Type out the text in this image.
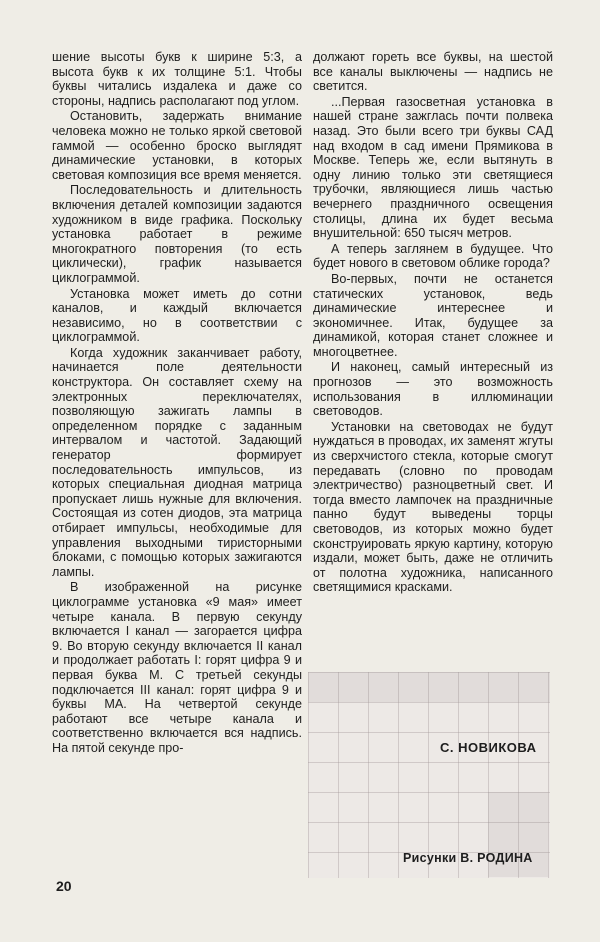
шение высоты букв к ширине 5:3, а высота букв к их толщине 5:1. Чтобы буквы читались издалека и даже со стороны, надпись располагают под углом.

Остановить, задержать внимание человека можно не только яркой световой гаммой — особенно броско выглядят динамические установки, в которых световая композиция все время меняется.

Последовательность и длительность включения деталей композиции задаются художником в виде графика. Поскольку установка работает в режиме многократного повторения (то есть циклически), график называется циклограммой.

Установка может иметь до сотни каналов, и каждый включается независимо, но в соответствии с циклограммой.

Когда художник заканчивает работу, начинается поле деятельности конструктора. Он составляет схему на электронных переключателях, позволяющую зажигать лампы в определенном порядке с заданным интервалом и частотой. Задающий генератор формирует последовательность импульсов, из которых специальная диодная матрица пропускает лишь нужные для включения. Состоящая из сотен диодов, эта матрица отбирает импульсы, необходимые для управления выходными тиристорными блоками, с помощью которых зажигаются лампы.

В изображенной на рисунке циклограмме установка «9 мая» имеет четыре канала. В первую секунду включается I канал — загорается цифра 9. Во вторую секунду включается II канал и продолжает работать I: горят цифра 9 и первая буква М. С третьей секунды подключается III канал: горят цифра 9 и буквы МА. На четвертой секунде работают все четыре канала и соответственно включается вся надпись. На пятой секунде про-

должают гореть все буквы, на шестой все каналы выключены — надпись не светится.

...Первая газосветная установка в нашей стране зажглась почти полвека назад. Это были всего три буквы САД над входом в сад имени Прямикова в Москве. Теперь же, если вытянуть в одну линию только эти светящиеся трубочки, являющиеся лишь частью вечернего праздничного освещения столицы, длина их будет весьма внушительной: 650 тысяч метров.

А теперь заглянем в будущее. Что будет нового в световом облике города?

Во-первых, почти не останется статических установок, ведь динамические интереснее и экономичнее. Итак, будущее за динамикой, которая станет сложнее и многоцветнее.

И наконец, самый интересный из прогнозов — это возможность использования в иллюминации световодов.

Установки на световодах не будут нуждаться в проводах, их заменят жгуты из сверхчистого стекла, которые смогут передавать (словно по проводам электричество) разноцветный свет. И тогда вместо лампочек на праздничные панно будут выведены торцы световодов, из которых можно будет сконструировать яркую картину, которую издали, может быть, даже не отличить от полотна художника, написанного светящимися красками.

С. НОВИКОВА
Рисунки В. РОДИНА
20
